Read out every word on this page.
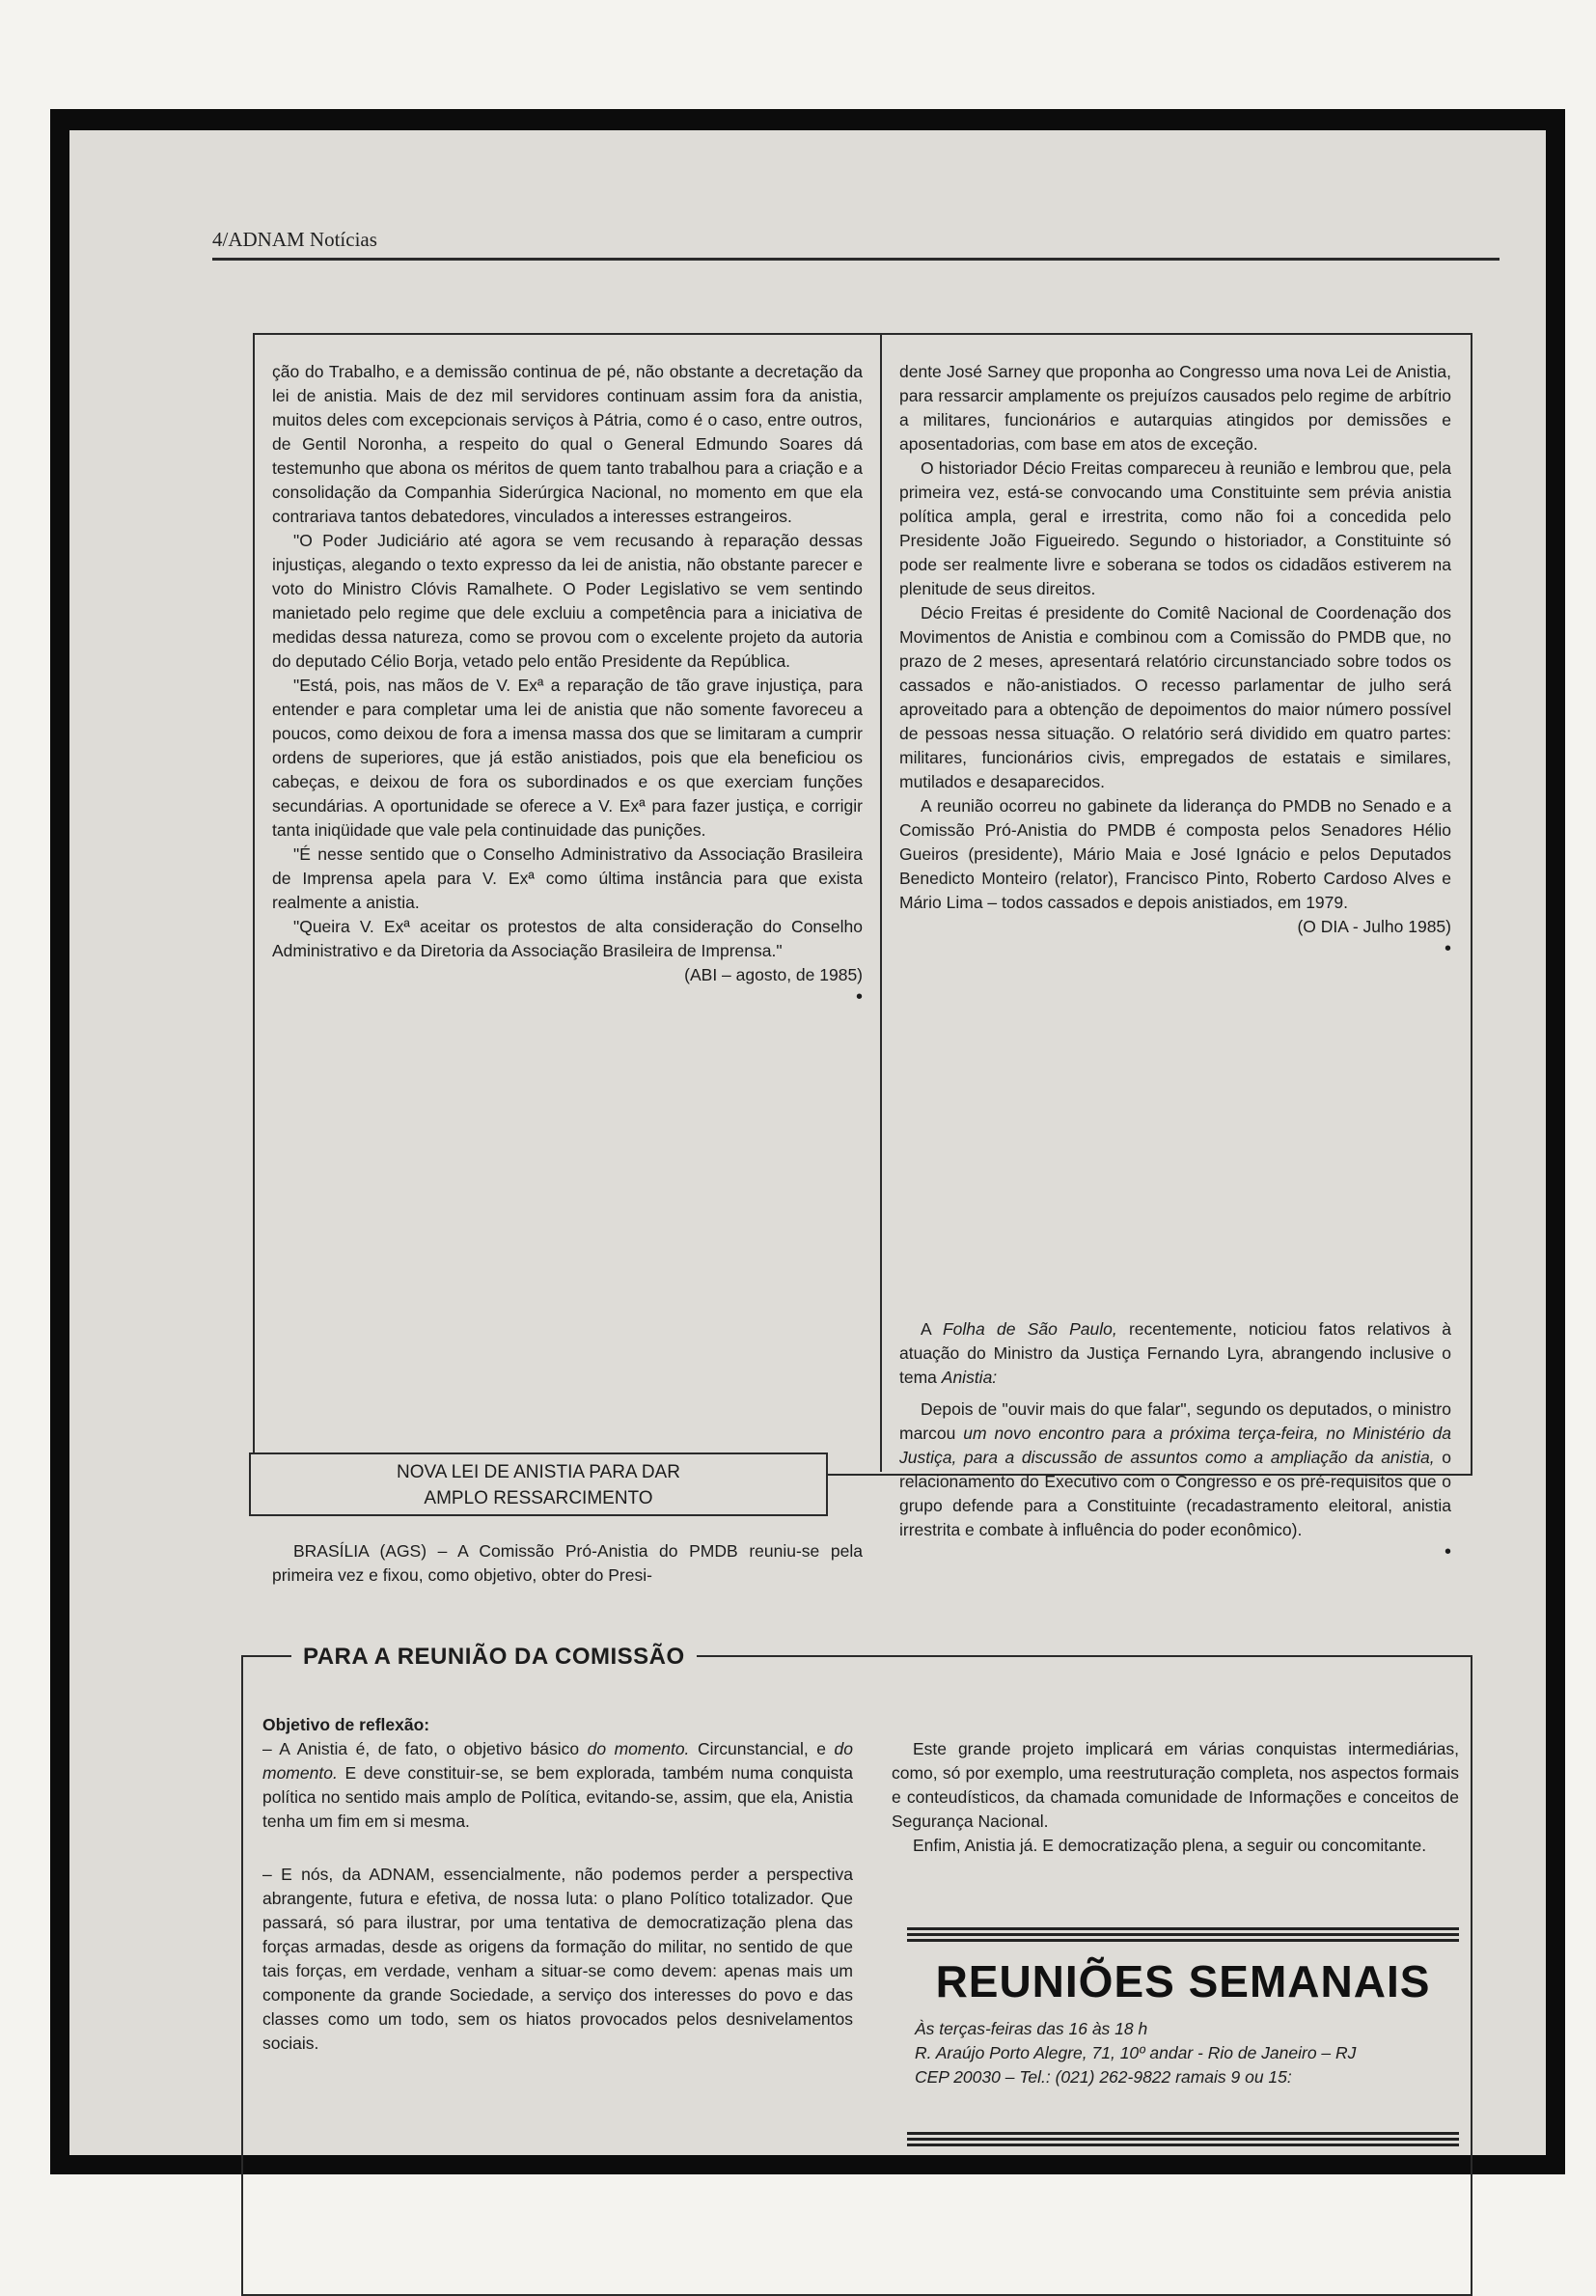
4/ADNAM Notícias

ção do Trabalho, e a demissão continua de pé, não obstante a decretação da lei de anistia. Mais de dez mil servidores continuam assim fora da anistia, muitos deles com excepcionais serviços à Pátria, como é o caso, entre outros, de Gentil Noronha, a respeito do qual o General Edmundo Soares dá testemunho que abona os méritos de quem tanto trabalhou para a criação e a consolidação da Companhia Siderúrgica Nacional, no momento em que ela contrariava tantos debatedores, vinculados a interesses estrangeiros.

"O Poder Judiciário até agora se vem recusando à reparação dessas injustiças, alegando o texto expresso da lei de anistia, não obstante parecer e voto do Ministro Clóvis Ramalhete. O Poder Legislativo se vem sentindo manietado pelo regime que dele excluiu a competência para a iniciativa de medidas dessa natureza, como se provou com o excelente projeto da autoria do deputado Célio Borja, vetado pelo então Presidente da República.

"Está, pois, nas mãos de V. Exª a reparação de tão grave injustiça, para entender e para completar uma lei de anistia que não somente favoreceu a poucos, como deixou de fora a imensa massa dos que se limitaram a cumprir ordens de superiores, que já estão anistiados, pois que ela beneficiou os cabeças, e deixou de fora os subordinados e os que exerciam funções secundárias. A oportunidade se oferece a V. Exª para fazer justiça, e corrigir tanta iniqüidade que vale pela continuidade das punições.

"É nesse sentido que o Conselho Administrativo da Associação Brasileira de Imprensa apela para V. Exª como última instância para que exista realmente a anistia.

"Queira V. Exª aceitar os protestos de alta consideração do Conselho Administrativo e da Diretoria da Associação Brasileira de Imprensa."

(ABI – agosto, de 1985)

•
NOVA LEI DE ANISTIA PARA DAR
AMPLO RESSARCIMENTO

BRASÍLIA (AGS) – A Comissão Pró-Anistia do PMDB reuniu-se pela primeira vez e fixou, como objetivo, obter do Presi-

dente José Sarney que proponha ao Congresso uma nova Lei de Anistia, para ressarcir amplamente os prejuízos causados pelo regime de arbítrio a militares, funcionários e autarquias atingidos por demissões e aposentadorias, com base em atos de exceção.

O historiador Décio Freitas compareceu à reunião e lembrou que, pela primeira vez, está-se convocando uma Constituinte sem prévia anistia política ampla, geral e irrestrita, como não foi a concedida pelo Presidente João Figueiredo. Segundo o historiador, a Constituinte só pode ser realmente livre e soberana se todos os cidadãos estiverem na plenitude de seus direitos.

Décio Freitas é presidente do Comitê Nacional de Coordenação dos Movimentos de Anistia e combinou com a Comissão do PMDB que, no prazo de 2 meses, apresentará relatório circunstanciado sobre todos os cassados e não-anistiados. O recesso parlamentar de julho será aproveitado para a obtenção de depoimentos do maior número possível de pessoas nessa situação. O relatório será dividido em quatro partes: militares, funcionários civis, empregados de estatais e similares, mutilados e desaparecidos.

A reunião ocorreu no gabinete da liderança do PMDB no Senado e a Comissão Pró-Anistia do PMDB é composta pelos Senadores Hélio Gueiros (presidente), Mário Maia e José Ignácio e pelos Deputados Benedicto Monteiro (relator), Francisco Pinto, Roberto Cardoso Alves e Mário Lima – todos cassados e depois anistiados, em 1979.

(O DIA - Julho 1985)

•

A Folha de São Paulo, recentemente, noticiou fatos relativos à atuação do Ministro da Justiça Fernando Lyra, abrangendo inclusive o tema Anistia:

Depois de "ouvir mais do que falar", segundo os deputados, o ministro marcou um novo encontro para a próxima terça-feira, no Ministério da Justiça, para a discussão de assuntos como a ampliação da anistia, o relacionamento do Executivo com o Congresso e os pré-requisitos que o grupo defende para a Constituinte (recadastramento eleitoral, anistia irrestrita e combate à influência do poder econômico).

•
PARA A REUNIÃO DA COMISSÃO

Objetivo de reflexão:

– A Anistia é, de fato, o objetivo básico do momento. Circunstancial, e do momento. E deve constituir-se, se bem explorada, também numa conquista política no sentido mais amplo de Política, evitando-se, assim, que ela, Anistia tenha um fim em si mesma.

– E nós, da ADNAM, essencialmente, não podemos perder a perspectiva abrangente, futura e efetiva, de nossa luta: o plano Político totalizador. Que passará, só para ilustrar, por uma tentativa de democratização plena das forças armadas, desde as origens da formação do militar, no sentido de que tais forças, em verdade, venham a situar-se como devem: apenas mais um componente da grande Sociedade, a serviço dos interesses do povo e das classes como um todo, sem os hiatos provocados pelos desnivelamentos sociais.

Este grande projeto implicará em várias conquistas intermediárias, como, só por exemplo, uma reestruturação completa, nos aspectos formais e conteudísticos, da chamada comunidade de Informações e conceitos de Segurança Nacional.

Enfim, Anistia já. E democratização plena, a seguir ou concomitante.

REUNIÕES SEMANAIS
Às terças-feiras das 16 às 18 h
R. Araújo Porto Alegre, 71, 10º andar - Rio de Janeiro – RJ
CEP 20030 – Tel.: (021) 262-9822 ramais 9 ou 15:
